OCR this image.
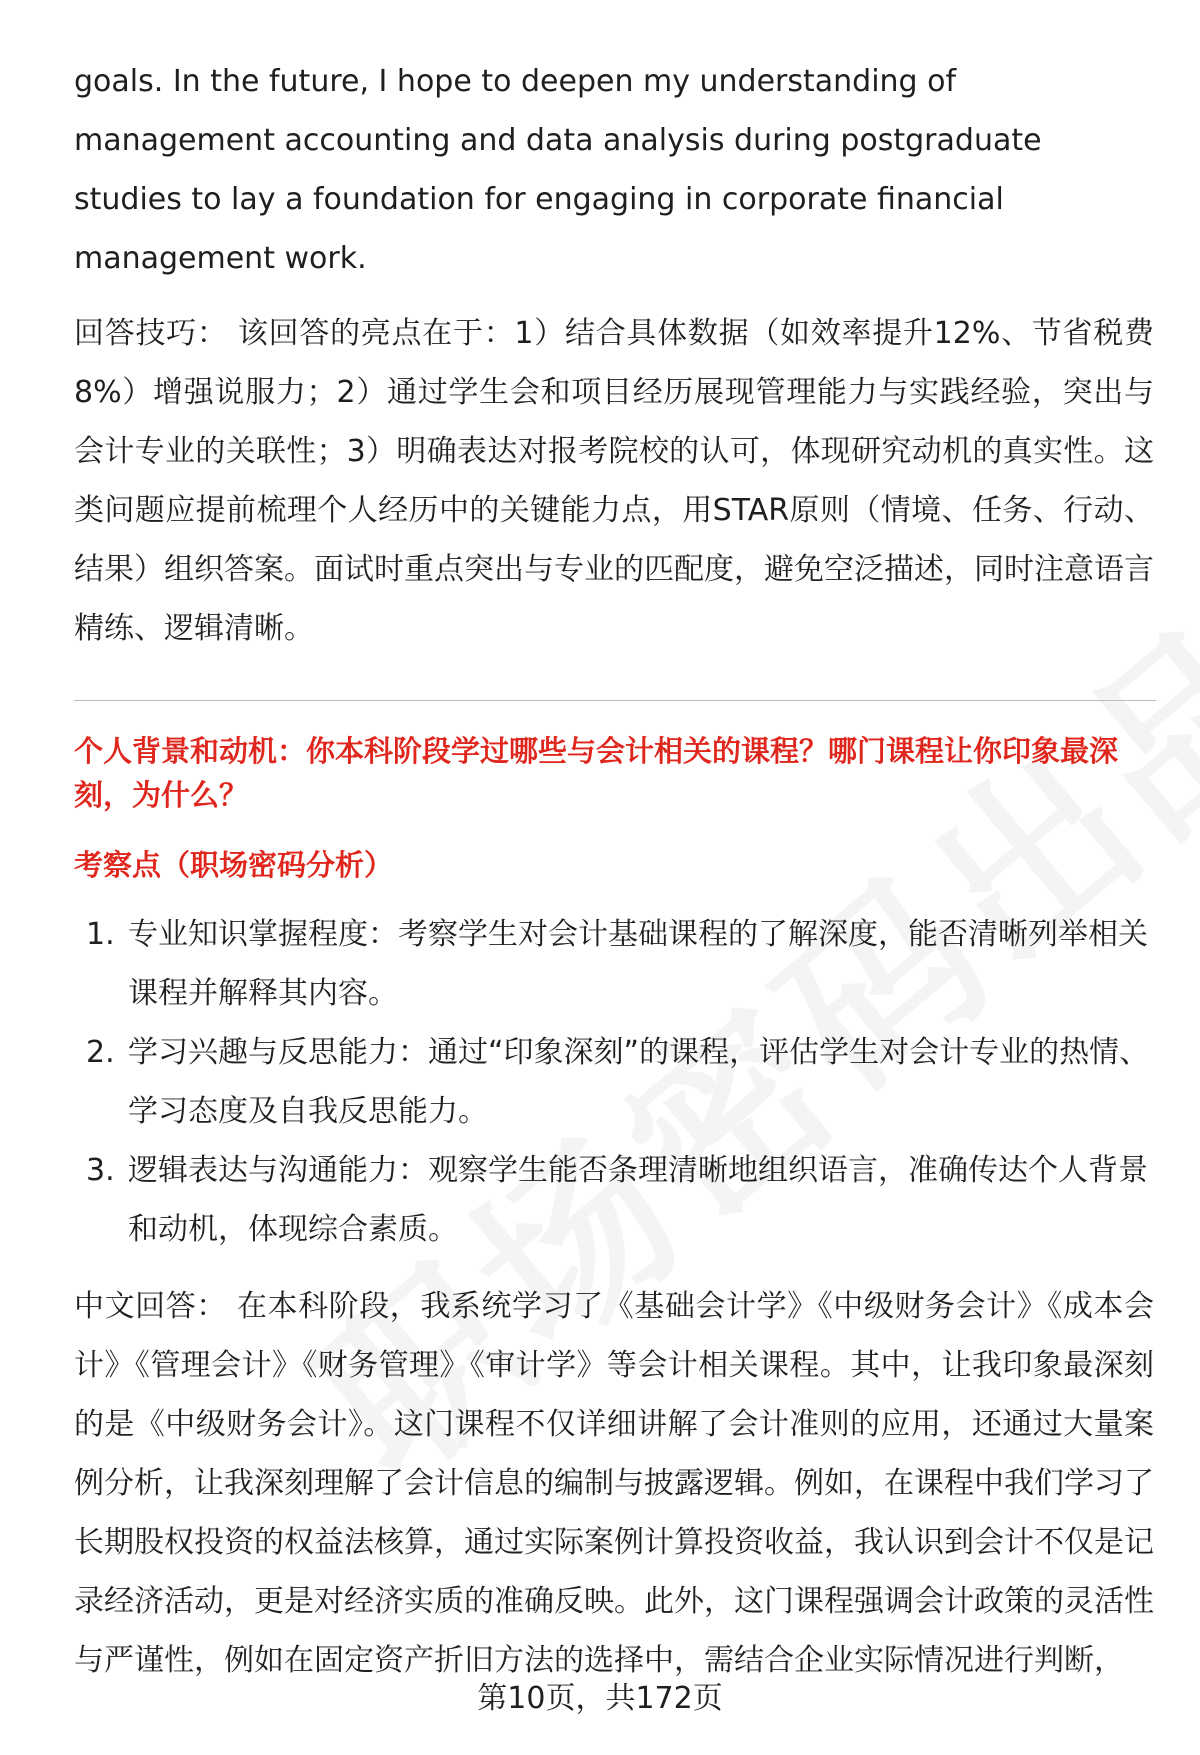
goals. In the future, I hope to deepen my understanding of management accounting and data analysis during postgraduate studies to lay a foundation for engaging in corporate financial management work.

回答技巧： 该回答的亮点在于：1）结合具体数据（如效率提升12%、节省税费8%）增强说服力；2）通过学生会和项目经历展现管理能力与实践经验，突出与会计专业的关联性；3）明确表达对报考院校的认可，体现研究动机的真实性。这类问题应提前梳理个人经历中的关键能力点，用STAR原则（情境、任务、行动、结果）组织答案。面试时重点突出与专业的匹配度，避免空泛描述，同时注意语言精练、逻辑清晰。

个人背景和动机：你本科阶段学过哪些与会计相关的课程？哪门课程让你印象最深刻，为什么？

考察点（职场密码分析）

1. 专业知识掌握程度：考察学生对会计基础课程的了解深度，能否清晰列举相关课程并解释其内容。
2. 学习兴趣与反思能力：通过“印象深刻”的课程，评估学生对会计专业的热情、学习态度及自我反思能力。
3. 逻辑表达与沟通能力：观察学生能否条理清晰地组织语言，准确传达个人背景和动机，体现综合素质。

中文回答： 在本科阶段，我系统学习了《基础会计学》《中级财务会计》《成本会计》《管理会计》《财务管理》《审计学》等会计相关课程。其中，让我印象最深刻的是《中级财务会计》。这门课程不仅详细讲解了会计准则的应用，还通过大量案例分析，让我深刻理解了会计信息的编制与披露逻辑。例如，在课程中我们学习了长期股权投资的权益法核算，通过实际案例计算投资收益，我认识到会计不仅是记录经济活动，更是对经济实质的准确反映。此外，这门课程强调会计政策的灵活性与严谨性，例如在固定资产折旧方法的选择中，需结合企业实际情况进行判断，

第10页，共172页
